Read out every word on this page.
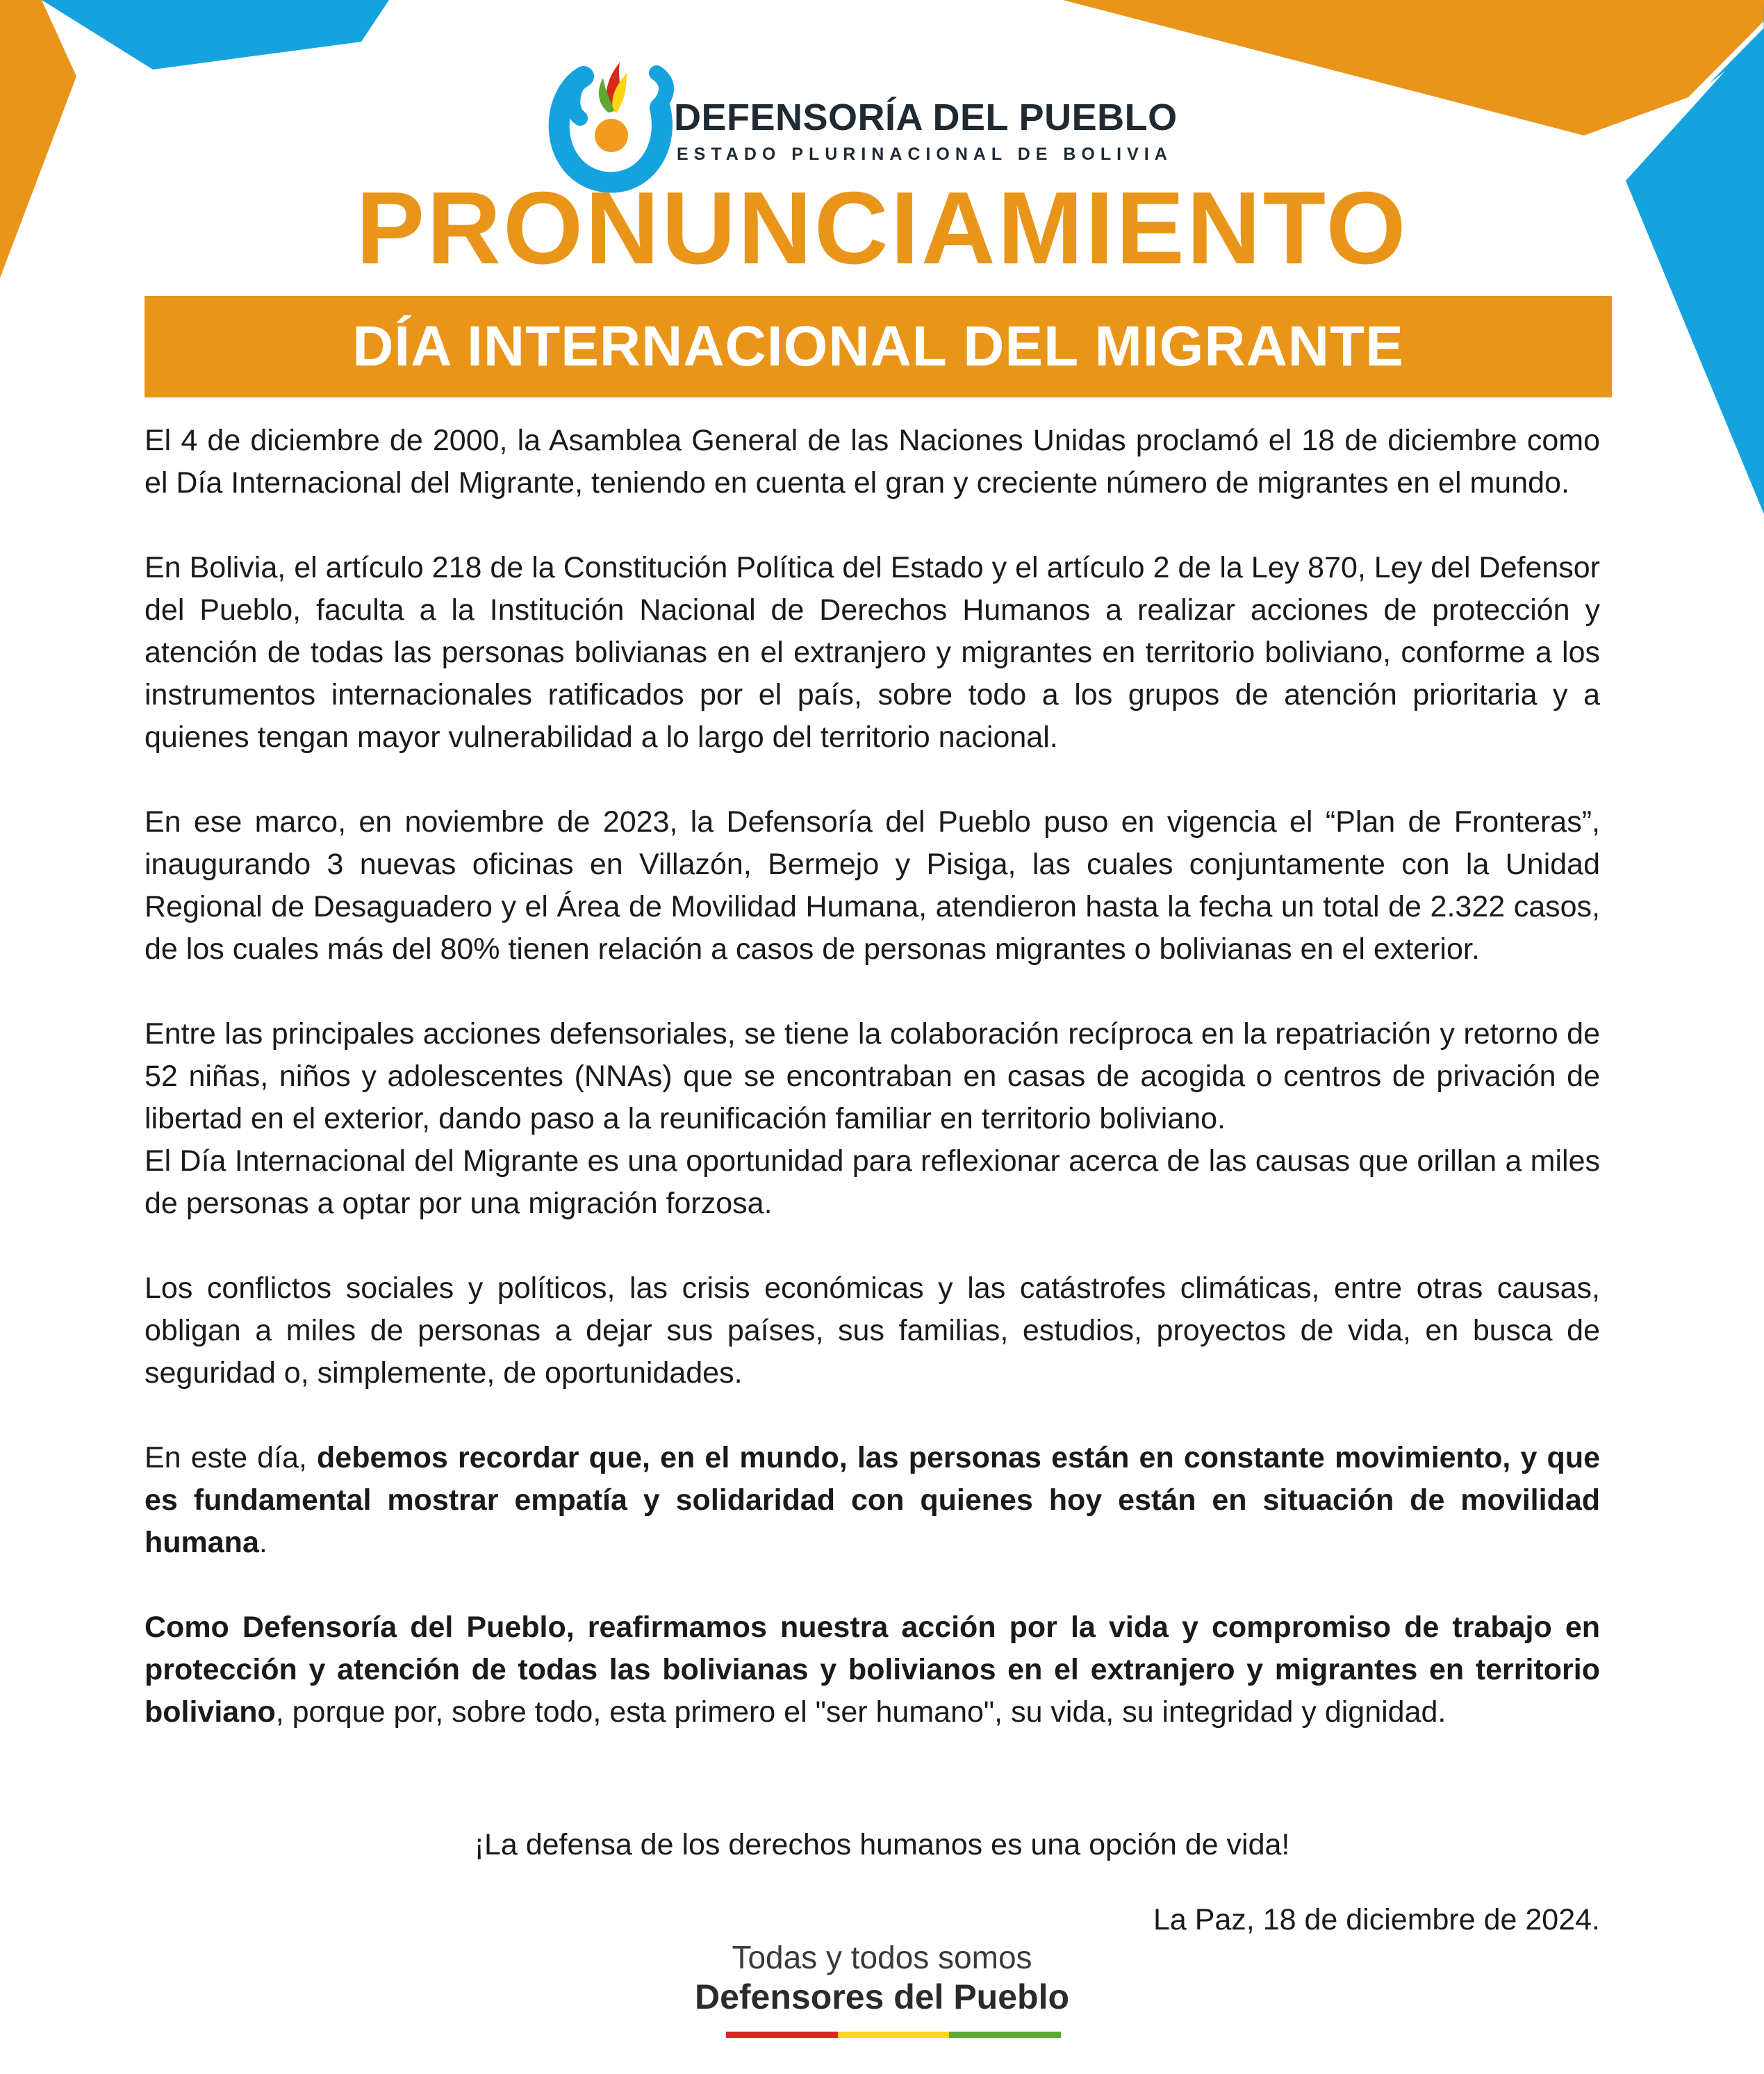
DEFENSORÍA DEL PUEBLO
ESTADO PLURINACIONAL DE BOLIVIA
PRONUNCIAMIENTO
DÍA INTERNACIONAL DEL MIGRANTE

El 4 de diciembre de 2000, la Asamblea General de las Naciones Unidas proclamó el 18 de diciembre como el Día Internacional del Migrante, teniendo en cuenta el gran y creciente número de migrantes en el mundo.

En Bolivia, el artículo 218 de la Constitución Política del Estado y el artículo 2 de la Ley 870, Ley del Defensor del Pueblo, faculta a la Institución Nacional de Derechos Humanos a realizar acciones de protección y atención de todas las personas bolivianas en el extranjero y migrantes en territorio boliviano, conforme a los instrumentos internacionales ratificados por el país, sobre todo a los grupos de atención prioritaria y a quienes tengan mayor vulnerabilidad a lo largo del territorio nacional.

En ese marco, en noviembre de 2023, la Defensoría del Pueblo puso en vigencia el “Plan de Fronteras”, inaugurando 3 nuevas oficinas en Villazón, Bermejo y Pisiga, las cuales conjuntamente con la Unidad Regional de Desaguadero y el Área de Movilidad Humana, atendieron hasta la fecha un total de 2.322 casos, de los cuales más del 80% tienen relación a casos de personas migrantes o bolivianas en el exterior.

Entre las principales acciones defensoriales, se tiene la colaboración recíproca en la repatriación y retorno de 52 niñas, niños y adolescentes (NNAs) que se encontraban en casas de acogida o centros de privación de libertad en el exterior, dando paso a la reunificación familiar en territorio boliviano.

El Día Internacional del Migrante es una oportunidad para reflexionar acerca de las causas que orillan a miles de personas a optar por una migración forzosa.

Los conflictos sociales y políticos, las crisis económicas y las catástrofes climáticas, entre otras causas, obligan a miles de personas a dejar sus países, sus familias, estudios, proyectos de vida, en busca de seguridad o, simplemente, de oportunidades.

En este día, debemos recordar que, en el mundo, las personas están en constante movimiento, y que es fundamental mostrar empatía y solidaridad con quienes hoy están en situación de movilidad humana.

Como Defensoría del Pueblo, reafirmamos nuestra acción por la vida y compromiso de trabajo en protección y atención de todas las bolivianas y bolivianos en el extranjero y migrantes en territorio boliviano, porque por, sobre todo, esta primero el "ser humano", su vida, su integridad y dignidad.

¡La defensa de los derechos humanos es una opción de vida!
La Paz, 18 de diciembre de 2024.
Todas y todos somos
Defensores del Pueblo
